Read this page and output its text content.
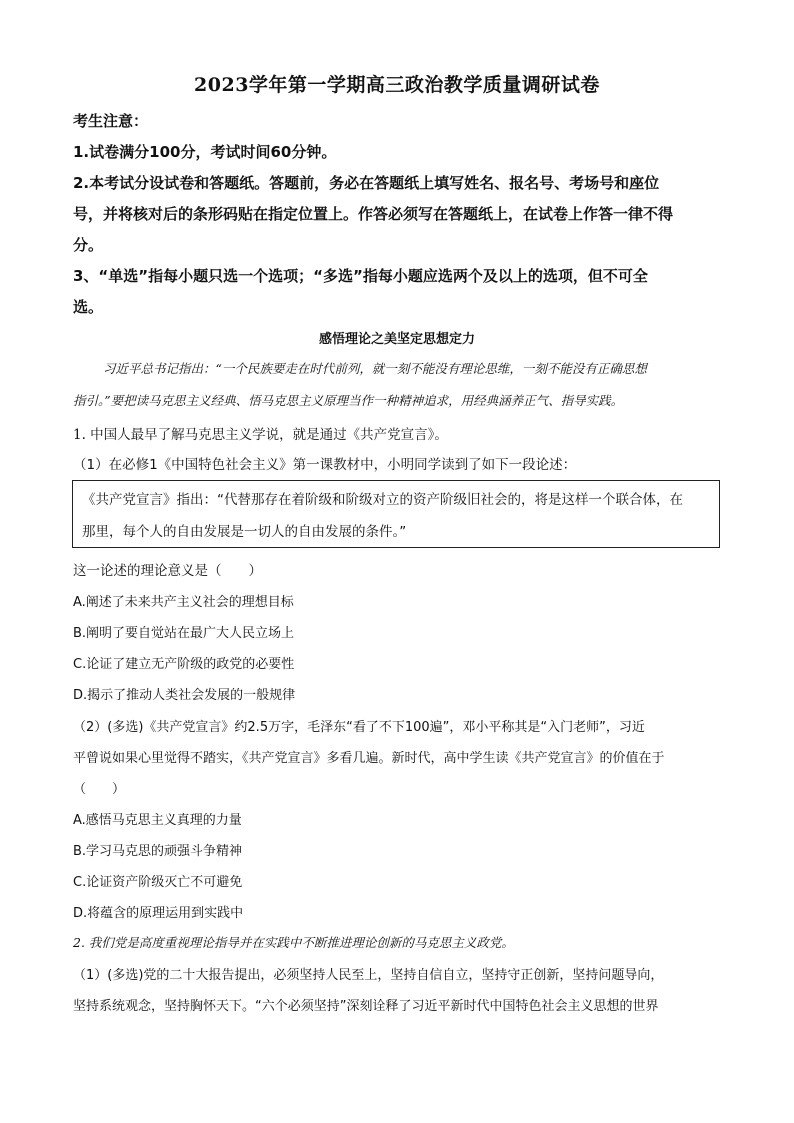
2023学年第一学期高三政治教学质量调研试卷
考生注意：
1.试卷满分100分，考试时间60分钟。
2.本考试分设试卷和答题纸。答题前，务必在答题纸上填写姓名、报名号、考场号和座位
号，并将核对后的条形码贴在指定位置上。作答必须写在答题纸上，在试卷上作答一律不得
分。
3、“单选”指每小题只选一个选项；“多选”指每小题应选两个及以上的选项，但不可全
选。
感悟理论之美坚定思想定力
习近平总书记指出：“一个民族要走在时代前列，就一刻不能没有理论思维，一刻不能没有正确思想
指引。”要把读马克思主义经典、悟马克思主义原理当作一种精神追求，用经典涵养正气、指导实践。
1. 中国人最早了解马克思主义学说，就是通过《共产党宣言》。
（1）在必修1《中国特色社会主义》第一课教材中，小明同学读到了如下一段论述：
《共产党宣言》指出：“代替那存在着阶级和阶级对立的资产阶级旧社会的，将是这样一个联合体，在
那里，每个人的自由发展是一切人的自由发展的条件。”
这一论述的理论意义是（　　）
A.阐述了未来共产主义社会的理想目标
B.阐明了要自觉站在最广大人民立场上
C.论证了建立无产阶级的政党的必要性
D.揭示了推动人类社会发展的一般规律
（2）(多选)《共产党宣言》约2.5万字，毛泽东“看了不下100遍”，邓小平称其是“入门老师”，习近
平曾说如果心里觉得不踏实，《共产党宣言》多看几遍。新时代，高中学生读《共产党宣言》的价值在于
（　　）
A.感悟马克思主义真理的力量
B.学习马克思的顽强斗争精神
C.论证资产阶级灭亡不可避免
D.将蕴含的原理运用到实践中
2. 我们党是高度重视理论指导并在实践中不断推进理论创新的马克思主义政党。
（1）(多选)党的二十大报告提出，必须坚持人民至上，坚持自信自立，坚持守正创新，坚持问题导向，
坚持系统观念，坚持胸怀天下。“六个必须坚持”深刻诠释了习近平新时代中国特色社会主义思想的世界
